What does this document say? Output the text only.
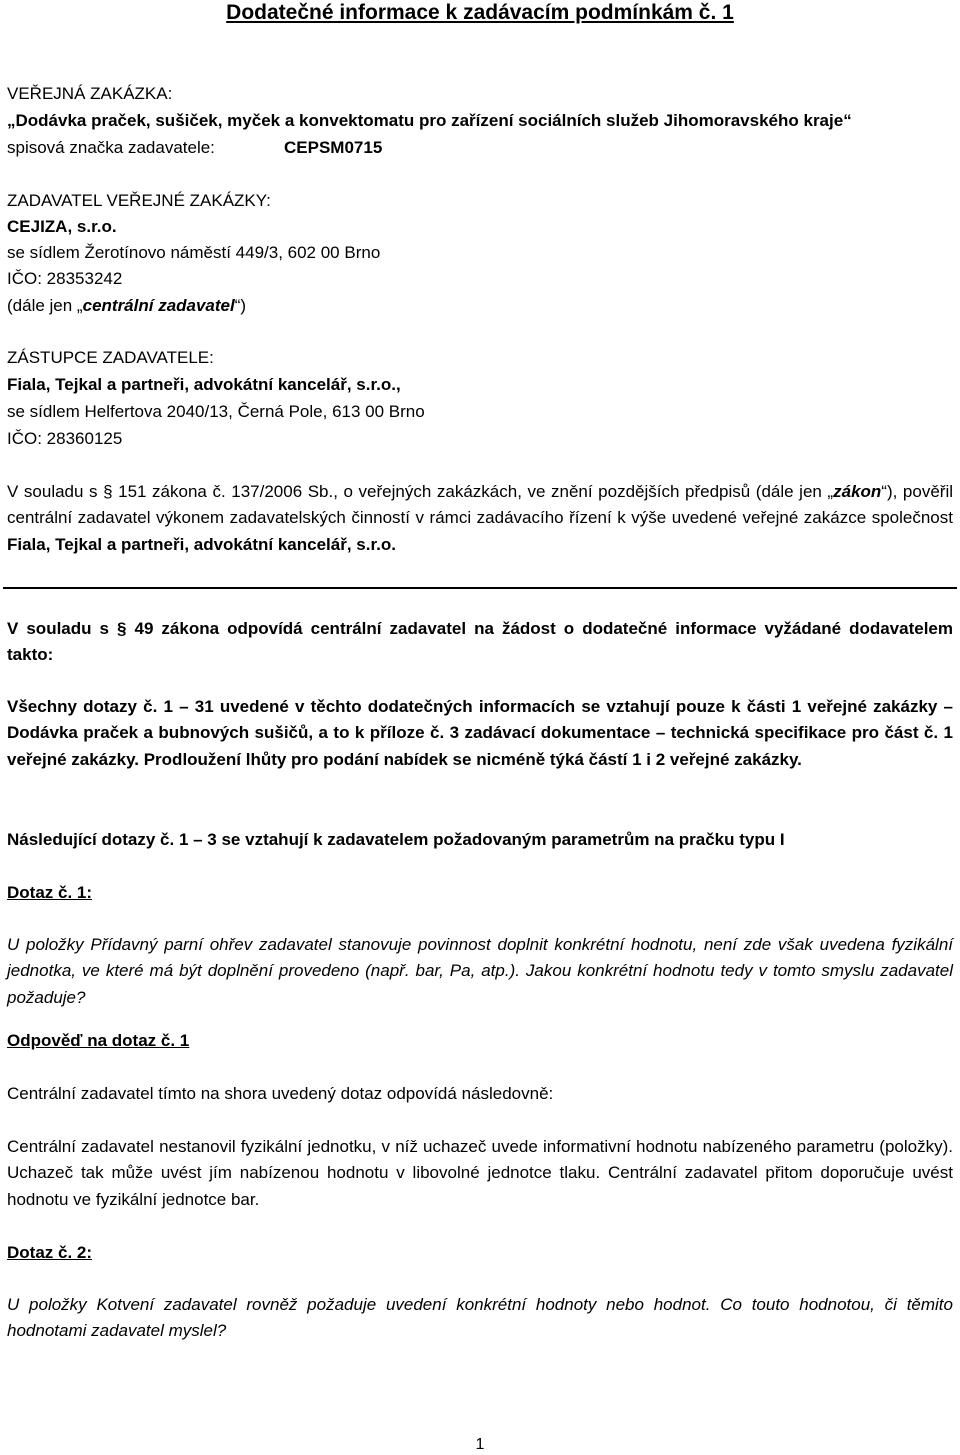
Dodatečné informace k zadávacím podmínkám č. 1
VEŘEJNÁ ZAKÁZKA:
„Dodávka praček, sušiček, myček a konvektomatu pro zařízení sociálních služeb Jihomoravského kraje“
spisová značka zadavatele:	CEPSM0715
ZADAVATEL VEŘEJNÉ ZAKÁZKY:
CEJIZA, s.r.o.
se sídlem Žerotínovo náměstí 449/3, 602 00 Brno
IČO: 28353242
(dále jen „centrální zadavatel“)
ZÁSTUPCE ZADAVATELE:
Fiala, Tejkal a partneři, advokátní kancelář, s.r.o.,
se sídlem Helfertova 2040/13, Černá Pole, 613 00 Brno
IČO: 28360125
V souladu s § 151 zákona č. 137/2006 Sb., o veřejných zakázkách, ve znění pozdějších předpisů (dále jen „zákon“), pověřil centrální zadavatel výkonem zadavatelských činností v rámci zadávacího řízení k výše uvedené veřejné zakázce společnost Fiala, Tejkal a partneři, advokátní kancelář, s.r.o.
V souladu s § 49 zákona odpovídá centrální zadavatel na žádost o dodatečné informace vyžádané dodavatelem takto:
Všechny dotazy č. 1 – 31 uvedené v těchto dodatečných informacích se vztahují pouze k části 1 veřejné zakázky – Dodávka praček a bubnových sušičů, a to k příloze č. 3 zadávací dokumentace – technická specifikace pro část č. 1 veřejné zakázky. Prodloužení lhůty pro podání nabídek se nicméně týká částí 1 i 2 veřejné zakázky.
Následující dotazy č. 1 – 3 se vztahují k zadavatelem požadovaným parametrům na pračku typu I
Dotaz č. 1:
U položky Přídavný parní ohřev zadavatel stanovuje povinnost doplnit konkrétní hodnotu, není zde však uvedena fyzikální jednotka, ve které má být doplnění provedeno (např. bar, Pa, atp.). Jakou konkrétní hodnotu tedy v tomto smyslu zadavatel požaduje?
Odpověď na dotaz č. 1
Centrální zadavatel tímto na shora uvedený dotaz odpovídá následovně:
Centrální zadavatel nestanovil fyzikální jednotku, v níž uchazeč uvede informativní hodnotu nabízeného parametru (položky). Uchazeč tak může uvést jím nabízenou hodnotu v libovolné jednotce tlaku. Centrální zadavatel přitom doporučuje uvést hodnotu ve fyzikální jednotce bar.
Dotaz č. 2:
U položky Kotvení zadavatel rovněž požaduje uvedení konkrétní hodnoty nebo hodnot. Co touto hodnotou, či těmito hodnotami zadavatel myslel?
1
